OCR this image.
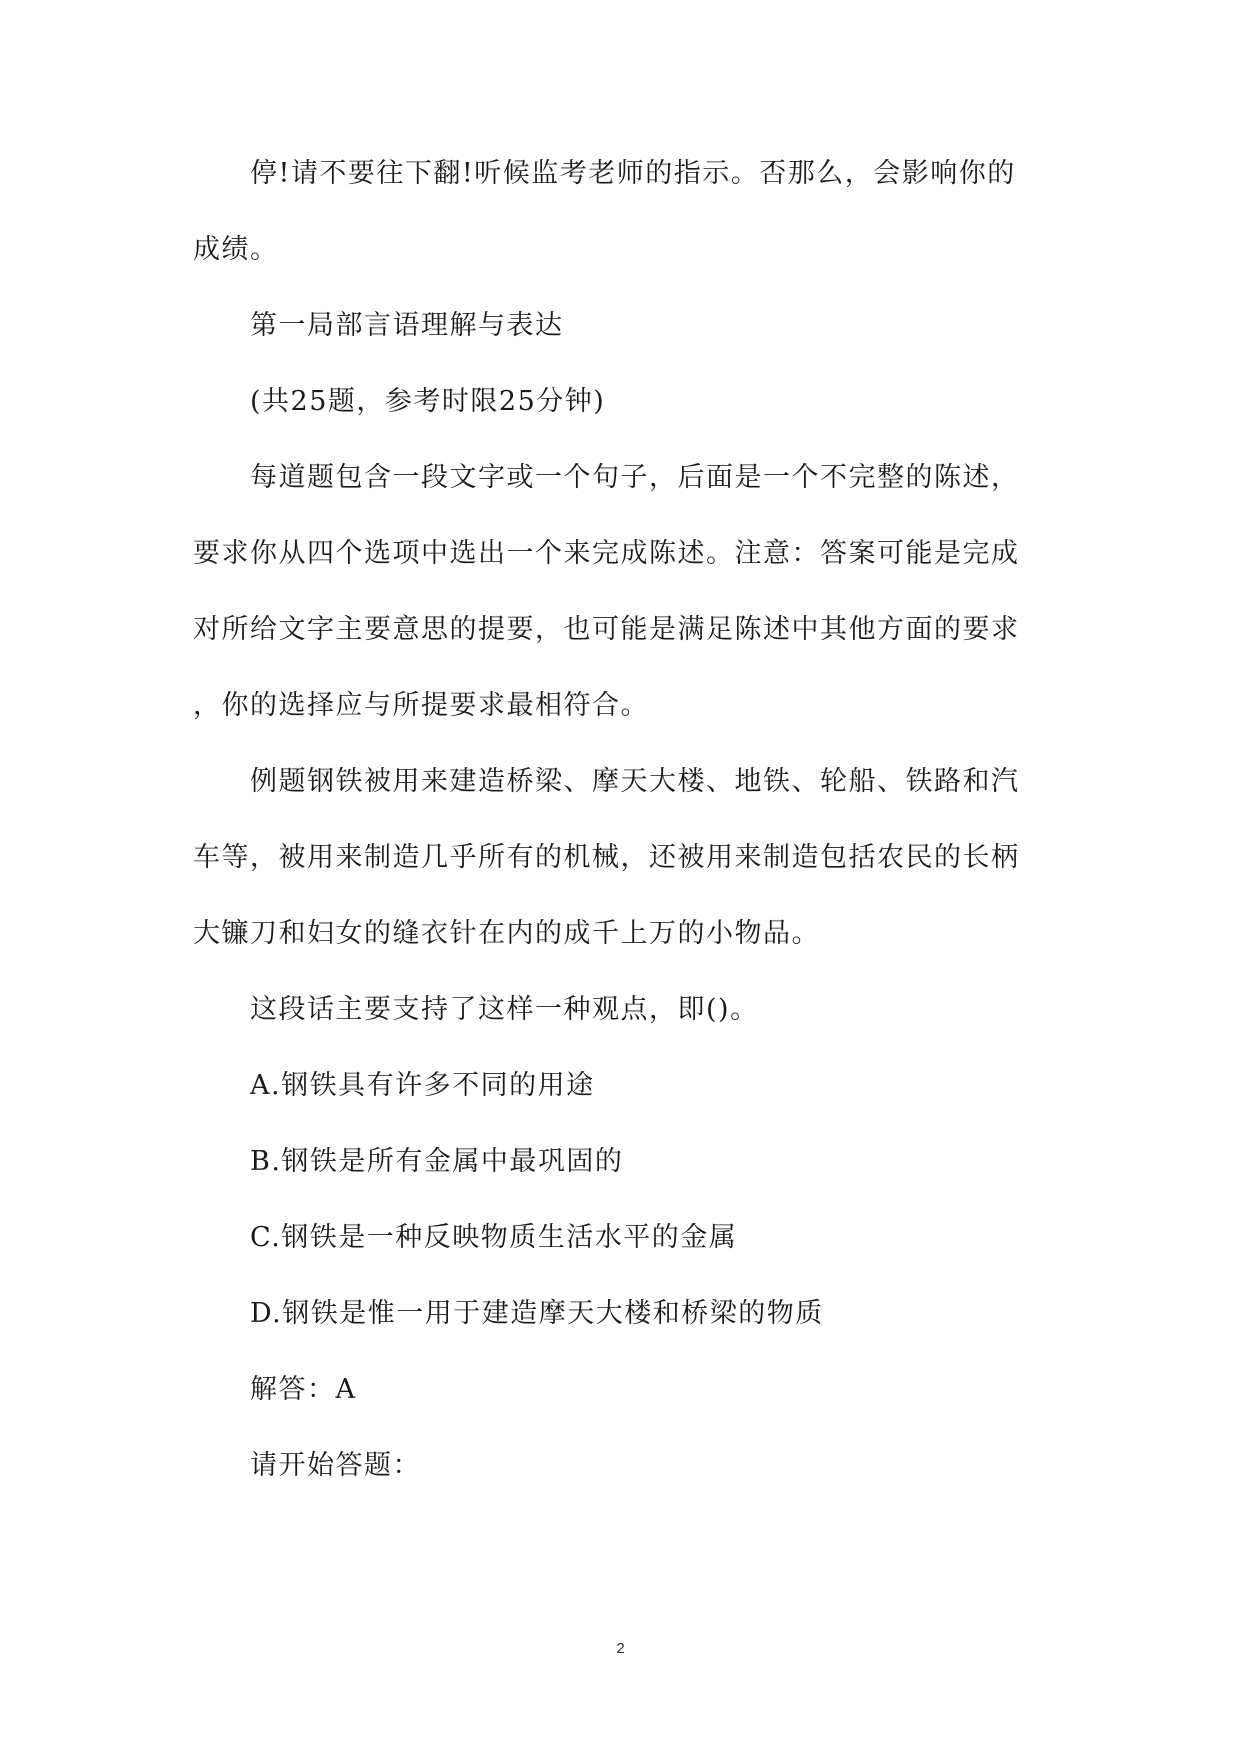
停!请不要往下翻!听候监考老师的指示。否那么，会影响你的
成绩。
第一局部言语理解与表达
(共25题，参考时限25分钟)
每道题包含一段文字或一个句子，后面是一个不完整的陈述，
要求你从四个选项中选出一个来完成陈述。注意：答案可能是完成
对所给文字主要意思的提要，也可能是满足陈述中其他方面的要求
，你的选择应与所提要求最相符合。
例题钢铁被用来建造桥梁、摩天大楼、地铁、轮船、铁路和汽
车等，被用来制造几乎所有的机械，还被用来制造包括农民的长柄
大镰刀和妇女的缝衣针在内的成千上万的小物品。
这段话主要支持了这样一种观点，即()。
A.钢铁具有许多不同的用途
B.钢铁是所有金属中最巩固的
C.钢铁是一种反映物质生活水平的金属
D.钢铁是惟一用于建造摩天大楼和桥梁的物质
解答：A
请开始答题：
2
